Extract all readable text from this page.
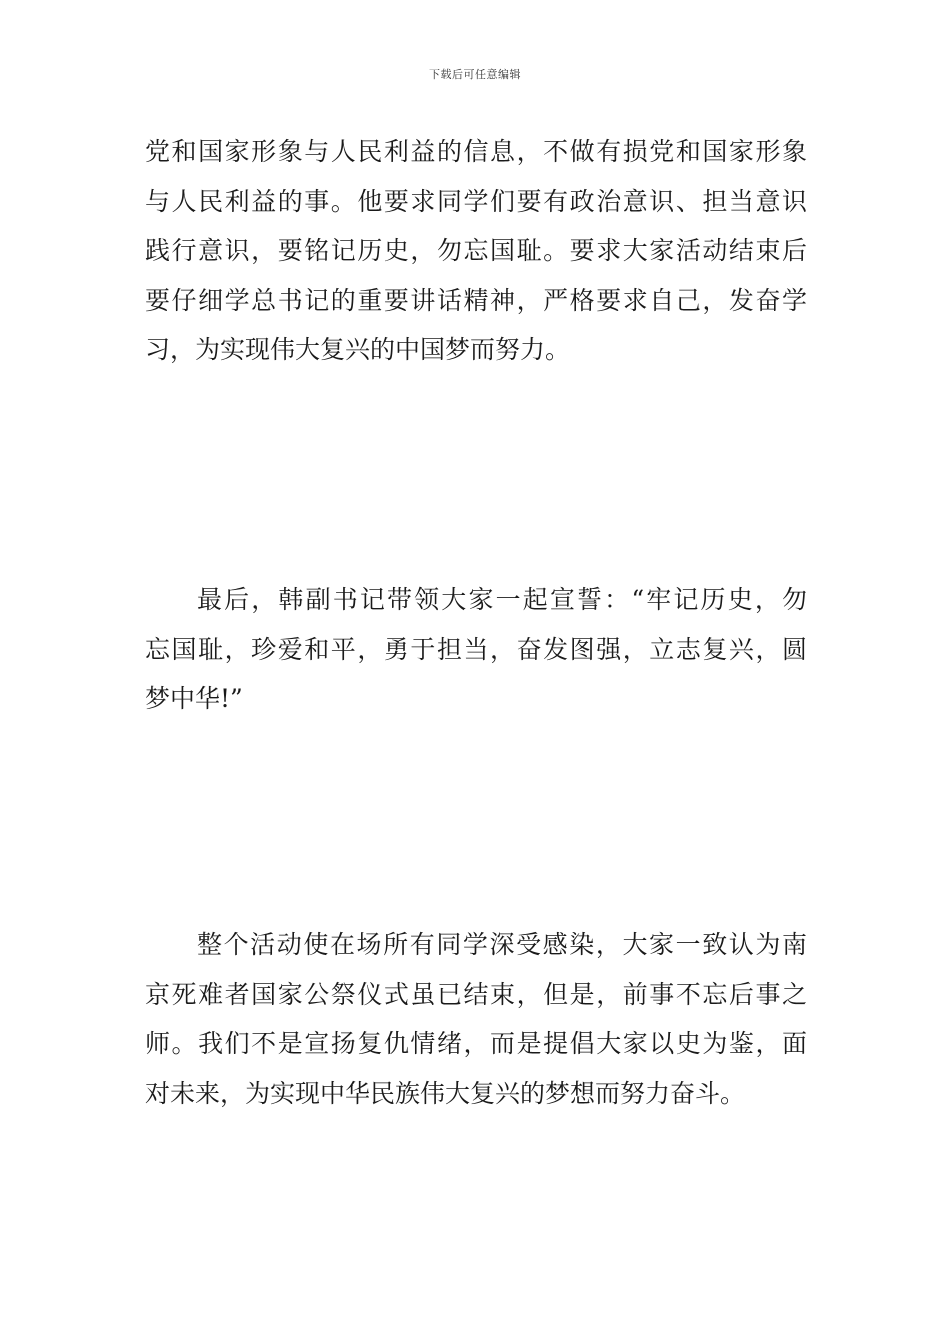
下载后可任意编辑
党和国家形象与人民利益的信息，不做有损党和国家形象
与人民利益的事。他要求同学们要有政治意识、担当意识
践行意识，要铭记历史，勿忘国耻。要求大家活动结束后
要仔细学总书记的重要讲话精神，严格要求自己，发奋学
习，为实现伟大复兴的中国梦而努力。
最后，韩副书记带领大家一起宣誓：“牢记历史，勿
忘国耻，珍爱和平，勇于担当，奋发图强，立志复兴，圆
梦中华!”
整个活动使在场所有同学深受感染，大家一致认为南
京死难者国家公祭仪式虽已结束，但是，前事不忘后事之
师。我们不是宣扬复仇情绪，而是提倡大家以史为鉴，面
对未来，为实现中华民族伟大复兴的梦想而努力奋斗。
